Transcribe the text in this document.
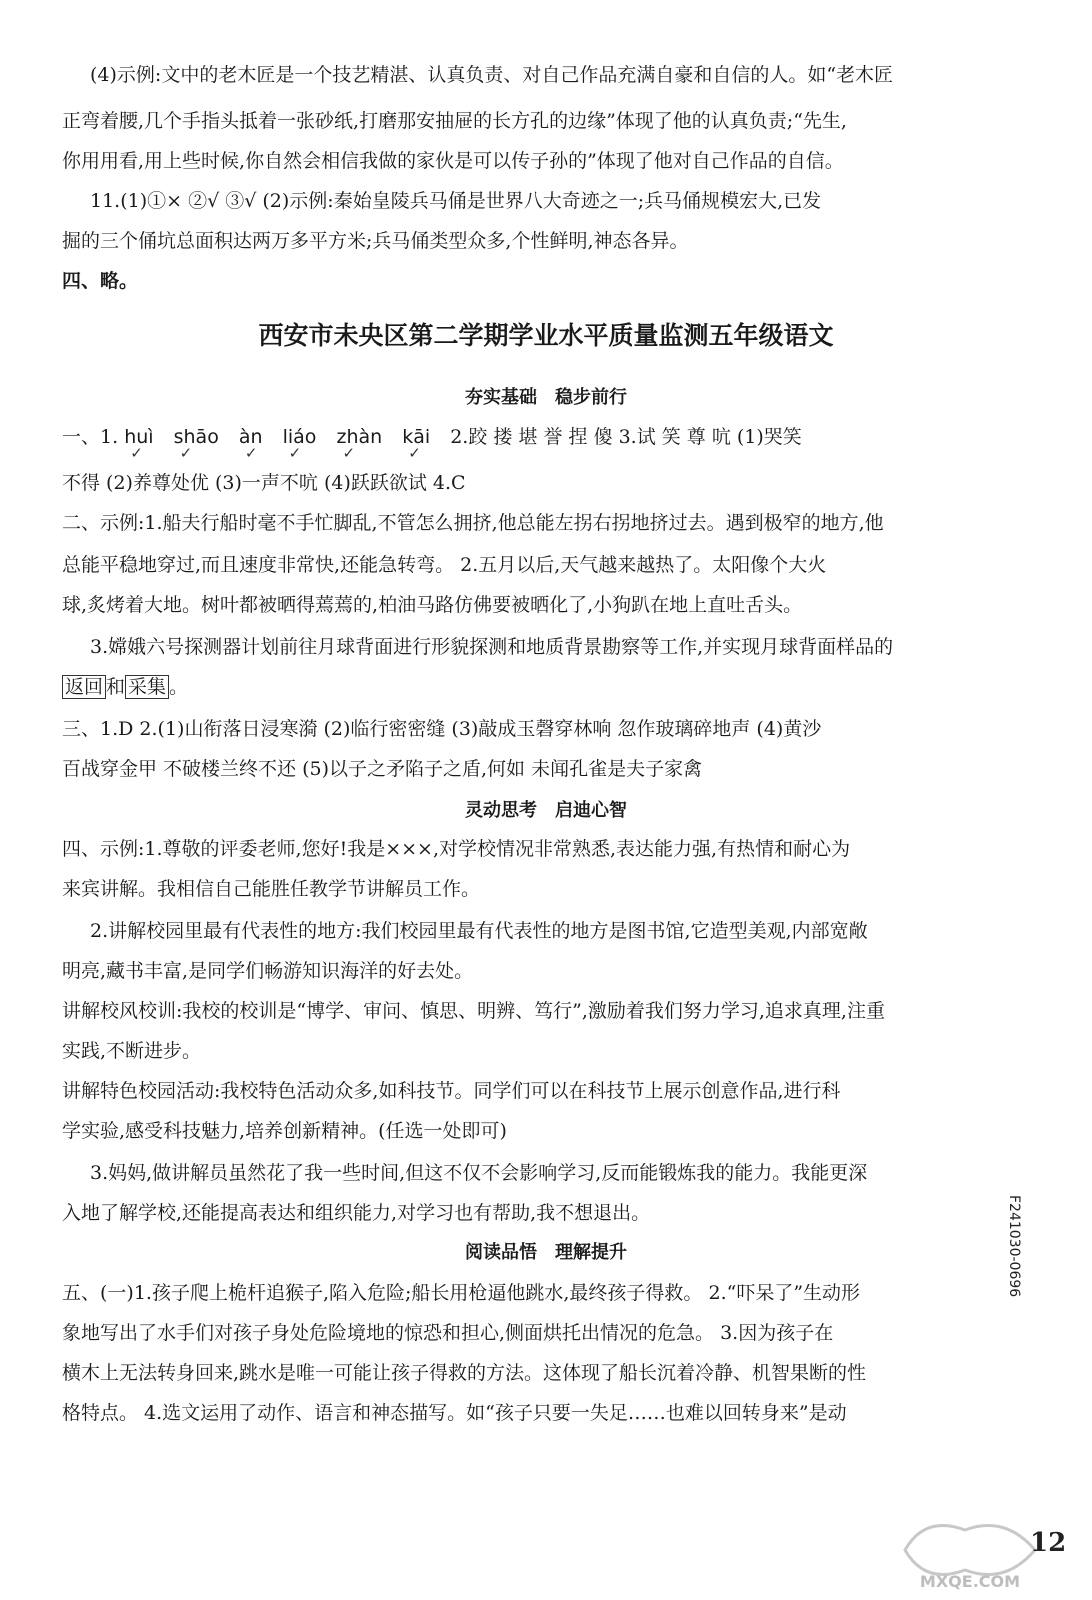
(4)示例:文中的老木匠是一个技艺精湛、认真负责、对自己作品充满自豪和自信的人。如“老木匠
正弯着腰,几个手指头抵着一张砂纸,打磨那安抽屉的长方孔的边缘”体现了他的认真负责;“先生,
你用用看,用上些时候,你自然会相信我做的家伙是可以传子孙的”体现了他对自己作品的自信。
11.(1)①× ②√ ③√ (2)示例:秦始皇陵兵马俑是世界八大奇迹之一;兵马俑规模宏大,已发
掘的三个俑坑总面积达两万多平方米;兵马俑类型众多,个性鲜明,神态各异。
四、略。
西安市未央区第二学期学业水平质量监测五年级语文
夯实基础　稳步前行
一、1. huì ✓ shāo ✓ àn ✓ liáo ✓ zhàn ✓ kāi ✓ 2.跤 搂 堪 誉 捏 傻 3.试 笑 尊 吭 (1)哭笑
不得 (2)养尊处优 (3)一声不吭 (4)跃跃欲试 4.C
二、示例:1.船夫行船时毫不手忙脚乱,不管怎么拥挤,他总能左拐右拐地挤过去。遇到极窄的地方,他
总能平稳地穿过,而且速度非常快,还能急转弯。 2.五月以后,天气越来越热了。太阳像个大火
球,炙烤着大地。树叶都被晒得蔫蔫的,柏油马路仿佛要被晒化了,小狗趴在地上直吐舌头。
3.嫦娥六号探测器计划前往月球背面进行形貌探测和地质背景勘察等工作,并实现月球背面样品的
返回 和 采集 。
三、1.D 2.(1)山衔落日浸寒漪 (2)临行密密缝 (3)敲成玉磬穿林响 忽作玻璃碎地声 (4)黄沙
百战穿金甲 不破楼兰终不还 (5)以子之矛陷子之盾,何如 未闻孔雀是夫子家禽
灵动思考　启迪心智
四、示例:1.尊敬的评委老师,您好!我是×××,对学校情况非常熟悉,表达能力强,有热情和耐心为
来宾讲解。我相信自己能胜任教学节讲解员工作。
2.讲解校园里最有代表性的地方:我们校园里最有代表性的地方是图书馆,它造型美观,内部宽敞
明亮,藏书丰富,是同学们畅游知识海洋的好去处。
讲解校风校训:我校的校训是“博学、审问、慎思、明辨、笃行”,激励着我们努力学习,追求真理,注重
实践,不断进步。
讲解特色校园活动:我校特色活动众多,如科技节。同学们可以在科技节上展示创意作品,进行科
学实验,感受科技魅力,培养创新精神。(任选一处即可)
3.妈妈,做讲解员虽然花了我一些时间,但这不仅不会影响学习,反而能锻炼我的能力。我能更深
入地了解学校,还能提高表达和组织能力,对学习也有帮助,我不想退出。
阅读品悟　理解提升
五、(一)1.孩子爬上桅杆追猴子,陷入危险;船长用枪逼他跳水,最终孩子得救。 2.“吓呆了”生动形
象地写出了水手们对孩子身处危险境地的惊恐和担心,侧面烘托出情况的危急。 3.因为孩子在
横木上无法转身回来,跳水是唯一可能让孩子得救的方法。这体现了船长沉着冷静、机智果断的性
格特点。 4.选文运用了动作、语言和神态描写。如“孩子只要一失足……也难以回转身来”是动
F241030-0696
MXQE.COM
12
